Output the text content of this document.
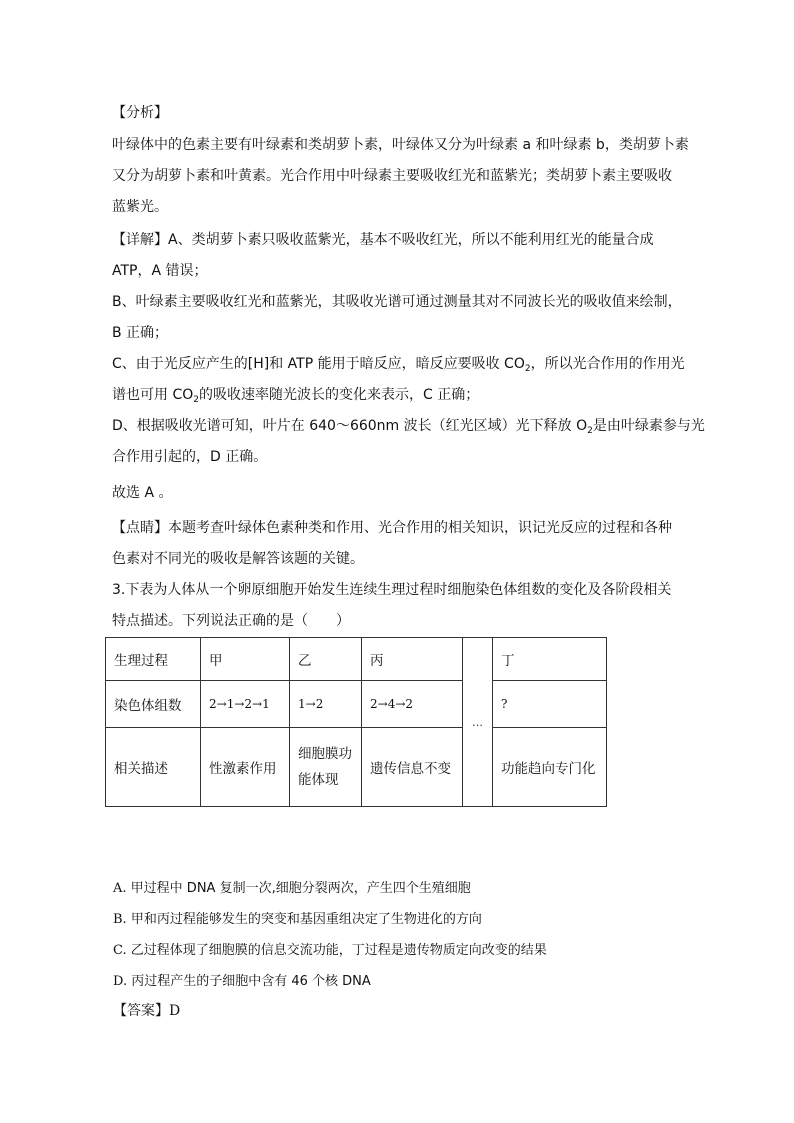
【分析】
叶绿体中的色素主要有叶绿素和类胡萝卜素，叶绿体又分为叶绿素 a 和叶绿素 b，类胡萝卜素
又分为胡萝卜素和叶黄素。光合作用中叶绿素主要吸收红光和蓝紫光；类胡萝卜素主要吸收
蓝紫光。
【详解】A、类胡萝卜素只吸收蓝紫光，基本不吸收红光，所以不能利用红光的能量合成
ATP，A 错误；
B、叶绿素主要吸收红光和蓝紫光，其吸收光谱可通过测量其对不同波长光的吸收值来绘制，
B 正确；
C、由于光反应产生的[H]和 ATP 能用于暗反应，暗反应要吸收 $CO_2$，所以光合作用的作用光
谱也可用 $CO_2$的吸收速率随光波长的变化来表示，C 正确；
D、根据吸收光谱可知，叶片在 640～660nm 波长（红光区域）光下释放 $O_2$是由叶绿素参与光
合作用引起的，D 正确。
故选 A 。
【点睛】本题考查叶绿体色素种类和作用、光合作用的相关知识，识记光反应的过程和各种
色素对不同光的吸收是解答该题的关键。
3.下表为人体从一个卵原细胞开始发生连续生理过程时细胞染色体组数的变化及各阶段相关
特点描述。下列说法正确的是（　　）
生理过程	甲	乙	丙	…	丁
染色体组数	2→1→2→1	1→2	2→4→2		?
相关描述	性激素作用	细胞膜功
能体现	遗传信息不变		功能趋向专门化
A. 甲过程中 DNA 复制一次,细胞分裂两次，产生四个生殖细胞
B. 甲和丙过程能够发生的突变和基因重组决定了生物进化的方向
C. 乙过程体现了细胞膜的信息交流功能，丁过程是遗传物质定向改变的结果
D. 丙过程产生的子细胞中含有 46 个核 DNA
【答案】D
